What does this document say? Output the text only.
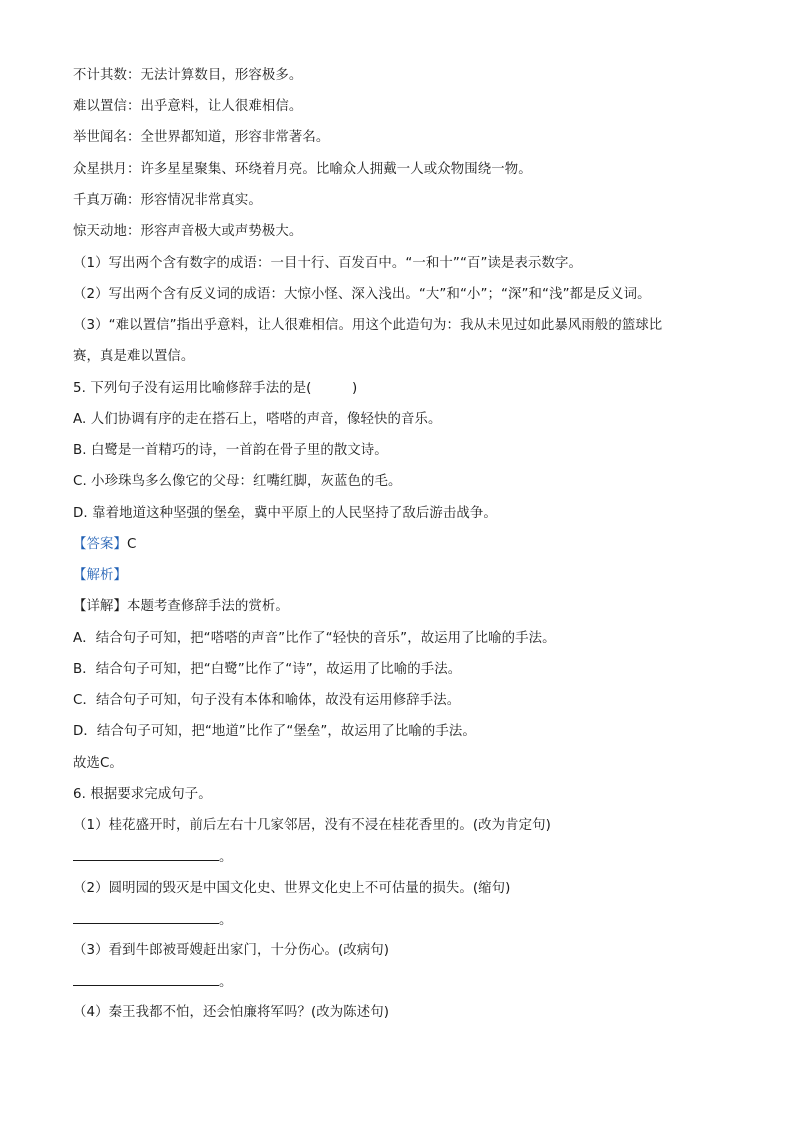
不计其数：无法计算数目，形容极多。
难以置信：出乎意料，让人很难相信。
举世闻名：全世界都知道，形容非常著名。
众星拱月：许多星星聚集、环绕着月亮。比喻众人拥戴一人或众物围绕一物。
千真万确：形容情况非常真实。
惊天动地：形容声音极大或声势极大。
（1）写出两个含有数字的成语：一目十行、百发百中。“一和十”“百”读是表示数字。
（2）写出两个含有反义词的成语：大惊小怪、深入浅出。“大”和“小”；“深”和“浅”都是反义词。
（3）“难以置信”指出乎意料，让人很难相信。用这个此造句为：我从未见过如此暴风雨般的篮球比
赛，真是难以置信。
5. 下列句子没有运用比喻修辞手法的是(　　　)
A. 人们协调有序的走在搭石上，嗒嗒的声音，像轻快的音乐。
B. 白鹭是一首精巧的诗，一首韵在骨子里的散文诗。
C. 小珍珠鸟多么像它的父母：红嘴红脚，灰蓝色的毛。
D. 靠着地道这种坚强的堡垒，冀中平原上的人民坚持了敌后游击战争。
【答案】C
【解析】
【详解】本题考查修辞手法的赏析。
A．结合句子可知，把“嗒嗒的声音”比作了“轻快的音乐”，故运用了比喻的手法。
B．结合句子可知，把“白鹭”比作了“诗”，故运用了比喻的手法。
C．结合句子可知，句子没有本体和喻体，故没有运用修辞手法。
D．结合句子可知，把“地道”比作了“堡垒”，故运用了比喻的手法。
故选C。
6. 根据要求完成句子。
（1）桂花盛开时，前后左右十几家邻居，没有不浸在桂花香里的。(改为肯定句)
。
（2）圆明园的毁灭是中国文化史、世界文化史上不可估量的损失。(缩句)
。
（3）看到牛郎被哥嫂赶出家门，十分伤心。(改病句)
。
（4）秦王我都不怕，还会怕廉将军吗？(改为陈述句)
